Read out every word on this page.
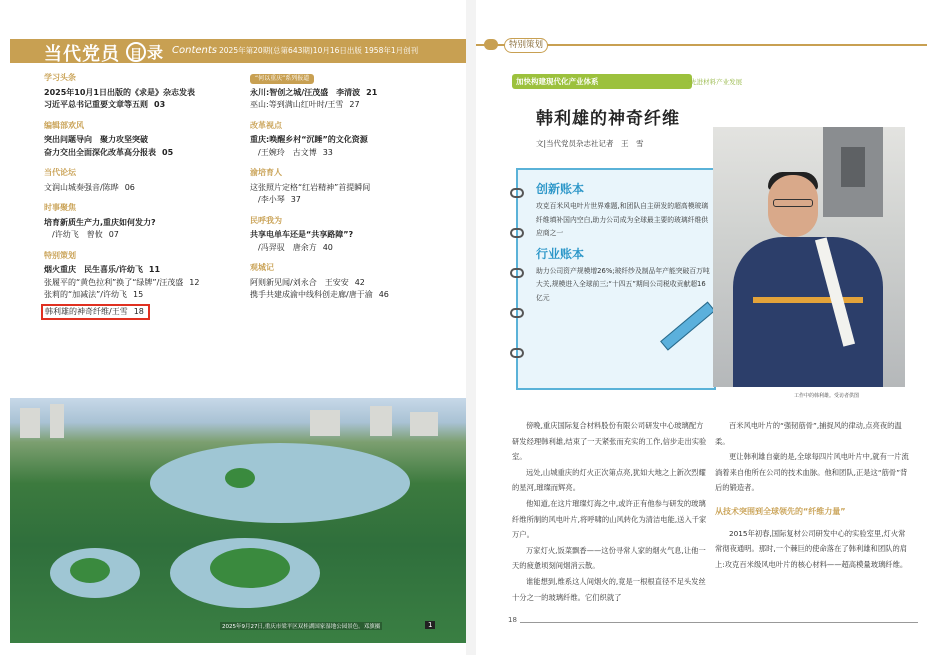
当代党员 目 录 Contents 2025年第20期(总第643期)10月16日出版 1958年1月创刊
学习头条
2025年10月1日出版的《求是》杂志发表
习近平总书记重要文章等五则 03
编辑部欢风
突出问题导向　聚力攻坚突破
奋力交出全面深化改革高分报表 05
当代论坛
文润山城奏强音/陈晔 06
时事聚焦
培育新质生产力,重庆如何发力?
　/许幼飞　曾攸 07
特别策划
烟火重庆　民生喜乐/许幼飞 11
张履平的“黄色拉利”换了“绿牌”/汪茂盛 12
张莉的“加减法”/许幼飞 15
韩利雄的神奇纤维/王雪 18
“何以重庆”系列报道
永川:智创之城/汪茂盛　李清波 21
巫山:等到满山红叶时/王雪 27
改革视点
重庆:唤醒乡村“沉睡”的文化资源
　/王婉玲　古文博 33
渝培育人
这张照片定格“红岩精神”首提瞬间
　/李小琴 37
民呼我为
共享电单车还是“共享路障”?
　/冯羿驭　唐余方 40
观城记
阿则新见闻/刘永合　王安安 42
携手共建成渝中线科创走廊/唐于渝 46
2025年9月27日,重庆市梁平区双桂湖国家湿地公园景色。邓旗摄	1
特别策划
加快构建现代化产业体系	·先进材料产业发展
韩利雄的神奇纤维
文|当代党员杂志社记者　王　雪
创新账本
攻克百米风电叶片世界难题,和团队自主研发的超高模玻璃纤维填补国内空白,助力公司成为全球最主要的玻璃纤维供应商之一
行业账本
助力公司资产规模增26%;玻纤纱及制品年产能突破百万吨大关,规模进入全球前三;“十四五”期间公司税收贡献超16亿元
傍晚,重庆国际复合材料股份有限公司研发中心玻璃配方研发经理韩利雄,结束了一天紧张而充实的工作,信步走出实验室。
远处,山城重庆的灯火正次第点亮,犹如大地之上新次烈耀的星河,璀璨而辉亮。
他知道,在这片璀璨灯海之中,或许正有他参与研发的玻璃纤维所制的风电叶片,将呼啸的山风转化为清洁电能,送入千家万户。
万家灯火,饭菜飘香——这份寻常人家的烟火气息,让他一天的疲惫顷刻间烟消云散。
谁能想到,维系这人间烟火的,竟是一根根直径不足头发丝十分之一的玻璃纤维。它们织就了
百米风电叶片的“强韧筋骨”,捕捉风的律动,点亮夜的温柔。
更让韩利雄自豪的是,全球每四片风电叶片中,就有一片流淌着来自他所在公司的技术血脉。他和团队,正是这“筋骨”背后的锻造者。
从技术突围到全球领先的“纤维力量”
2015年初春,国际复材公司研发中心的实验室里,灯火常常彻夜通明。那时,一个棘巨的使命落在了韩利雄和团队的肩上:攻克百米级风电叶片的核心材料——超高模量玻璃纤维。
18
工作中的韩利雄。受访者供图
